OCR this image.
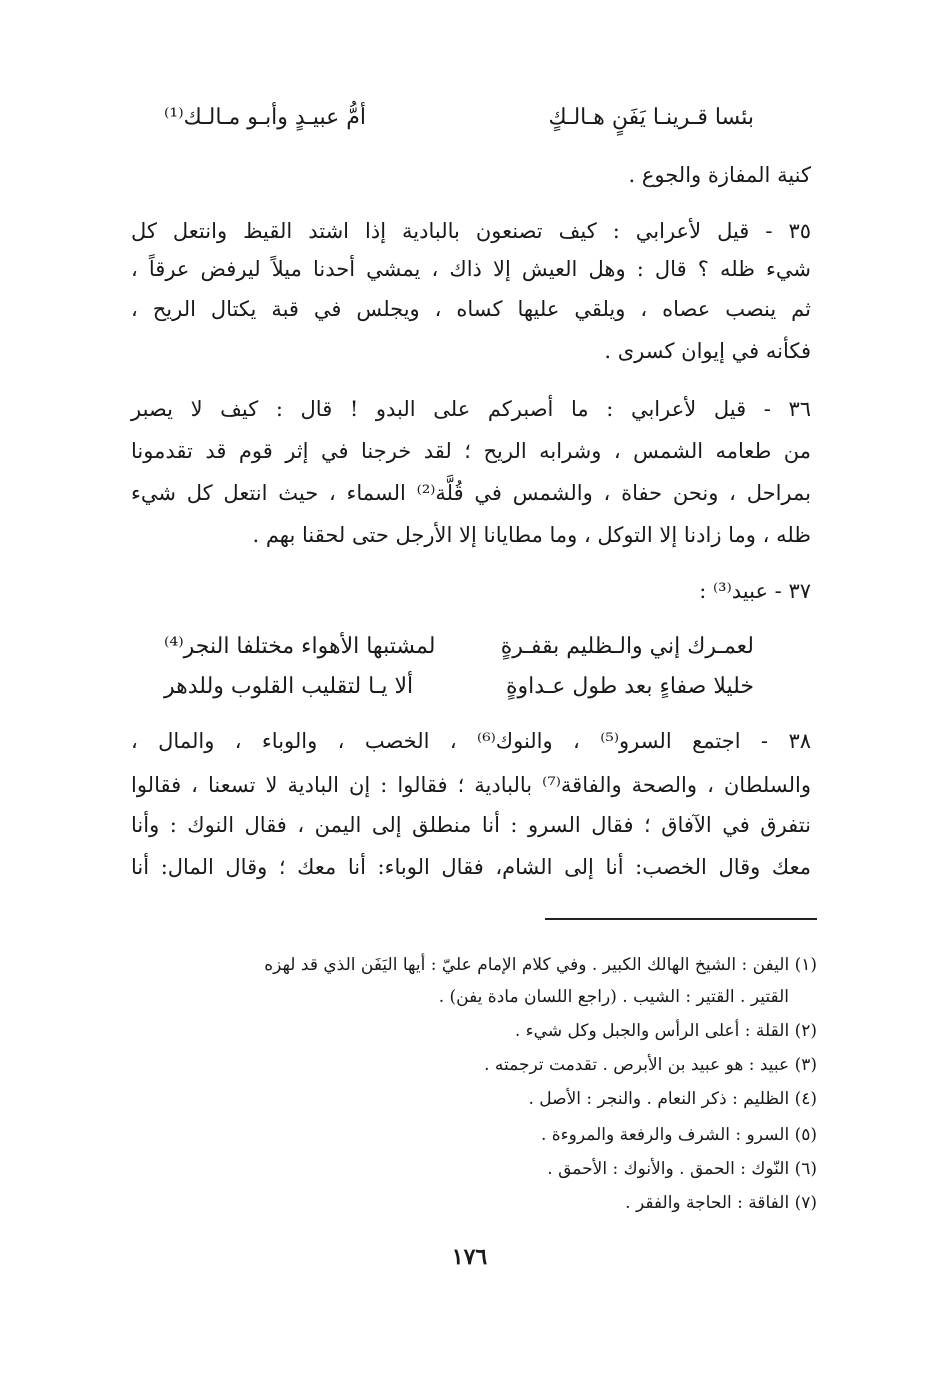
بئسا قـرينـا يَفَنٍ هـالـكٍ
أمُّ عبيـدٍ وأبـو مـالـك⁽¹⁾
كنية المفازة والجوع .
٣٥ - قيل لأعرابي : كيف تصنعون بالبادية إذا اشتد القيظ وانتعل كل
شيء ظله ؟ قال : وهل العيش إلا ذاك ، يمشي أحدنا ميلاً ليرفض عرقاً ،
ثم ينصب عصاه ، ويلقي عليها كساه ، ويجلس في قبة يكتال الريح ،
فكأنه في إيوان كسرى .
٣٦ - قيل لأعرابي : ما أصبركم على البدو ! قال : كيف لا يصبر
من طعامه الشمس ، وشرابه الريح ؛ لقد خرجنا في إثر قوم قد تقدمونا
بمراحل ، ونحن حفاة ، والشمس في قُلَّة⁽²⁾ السماء ، حيث انتعل كل شيء
ظله ، وما زادنا إلا التوكل ، وما مطايانا إلا الأرجل حتى لحقنا بهم .
٣٧ - عبيد⁽³⁾ :
لعمـرك إني والـظليم بقفـرةٍ
لمشتبها الأهواء مختلفا النجر⁽⁴⁾
خليلا صفاءٍ بعد طول عـداوةٍ
ألا يـا لتقليب القلوب وللدهر
٣٨ - اجتمع السرو⁽⁵⁾ ، والنوك⁽⁶⁾ ، الخصب ، والوباء ، والمال ،
والسلطان ، والصحة والفاقة⁽⁷⁾ بالبادية ؛ فقالوا : إن البادية لا تسعنا ، فقالوا
نتفرق في الآفاق ؛ فقال السرو : أنا منطلق إلى اليمن ، فقال النوك : وأنا
معك وقال الخصب: أنا إلى الشام، فقال الوباء: أنا معك ؛ وقال المال: أنا
(١) اليفن : الشيخ الهالك الكبير . وفي كلام الإمام عليّ : أيها اليَفَن الذي قد لهزه
القتير . القتير : الشيب . (راجع اللسان مادة يفن) .
(٢) القلة : أعلى الرأس والجبل وكل شيء .
(٣) عبيد : هو عبيد بن الأبرص . تقدمت ترجمته .
(٤) الظليم : ذكر النعام . والنجر : الأصل .
(٥) السرو : الشرف والرفعة والمروءة .
(٦) النّوك : الحمق . والأنوك : الأحمق .
(٧) الفاقة : الحاجة والفقر .
١٧٦
